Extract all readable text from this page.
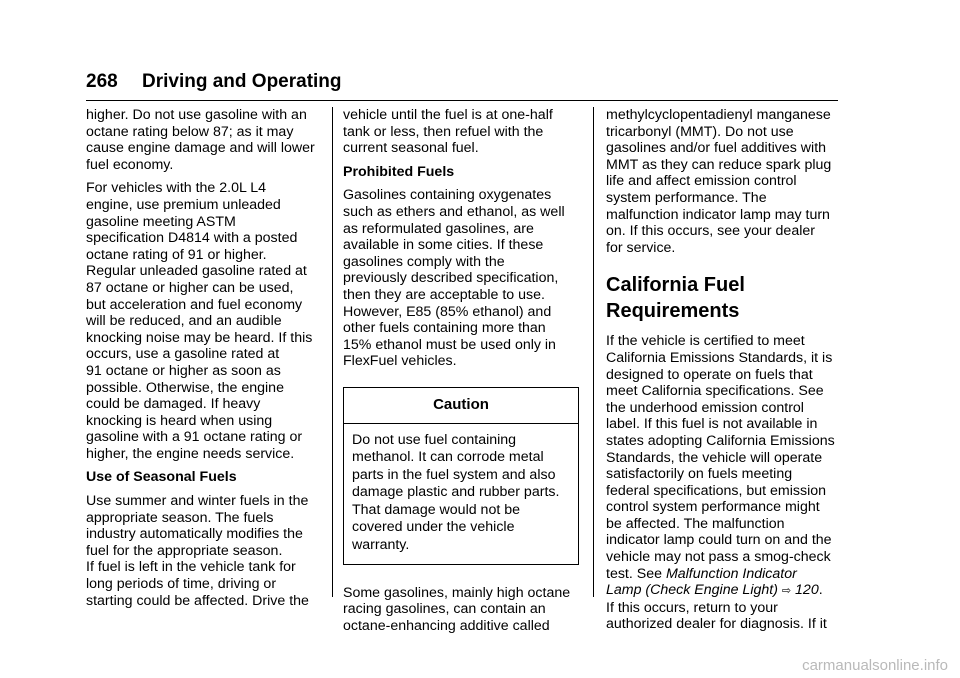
268 Driving and Operating
higher. Do not use gasoline with an
octane rating below 87; as it may
cause engine damage and will lower
fuel economy.
For vehicles with the 2.0L L4
engine, use premium unleaded
gasoline meeting ASTM
specification D4814 with a posted
octane rating of 91 or higher.
Regular unleaded gasoline rated at
87 octane or higher can be used,
but acceleration and fuel economy
will be reduced, and an audible
knocking noise may be heard. If this
occurs, use a gasoline rated at
91 octane or higher as soon as
possible. Otherwise, the engine
could be damaged. If heavy
knocking is heard when using
gasoline with a 91 octane rating or
higher, the engine needs service.
Use of Seasonal Fuels
Use summer and winter fuels in the
appropriate season. The fuels
industry automatically modifies the
fuel for the appropriate season.
If fuel is left in the vehicle tank for
long periods of time, driving or
starting could be affected. Drive the
vehicle until the fuel is at one-half
tank or less, then refuel with the
current seasonal fuel.
Prohibited Fuels
Gasolines containing oxygenates
such as ethers and ethanol, as well
as reformulated gasolines, are
available in some cities. If these
gasolines comply with the
previously described specification,
then they are acceptable to use.
However, E85 (85% ethanol) and
other fuels containing more than
15% ethanol must be used only in
FlexFuel vehicles.
Caution
Do not use fuel containing
methanol. It can corrode metal
parts in the fuel system and also
damage plastic and rubber parts.
That damage would not be
covered under the vehicle
warranty.
Some gasolines, mainly high octane
racing gasolines, can contain an
octane-enhancing additive called
methylcyclopentadienyl manganese
tricarbonyl (MMT). Do not use
gasolines and/or fuel additives with
MMT as they can reduce spark plug
life and affect emission control
system performance. The
malfunction indicator lamp may turn
on. If this occurs, see your dealer
for service.
California Fuel
Requirements
If the vehicle is certified to meet
California Emissions Standards, it is
designed to operate on fuels that
meet California specifications. See
the underhood emission control
label. If this fuel is not available in
states adopting California Emissions
Standards, the vehicle will operate
satisfactorily on fuels meeting
federal specifications, but emission
control system performance might
be affected. The malfunction
indicator lamp could turn on and the
vehicle may not pass a smog-check
test. See Malfunction Indicator
Lamp (Check Engine Light) ⇨ 120.
If this occurs, return to your
authorized dealer for diagnosis. If it
carmanualsonline.info
